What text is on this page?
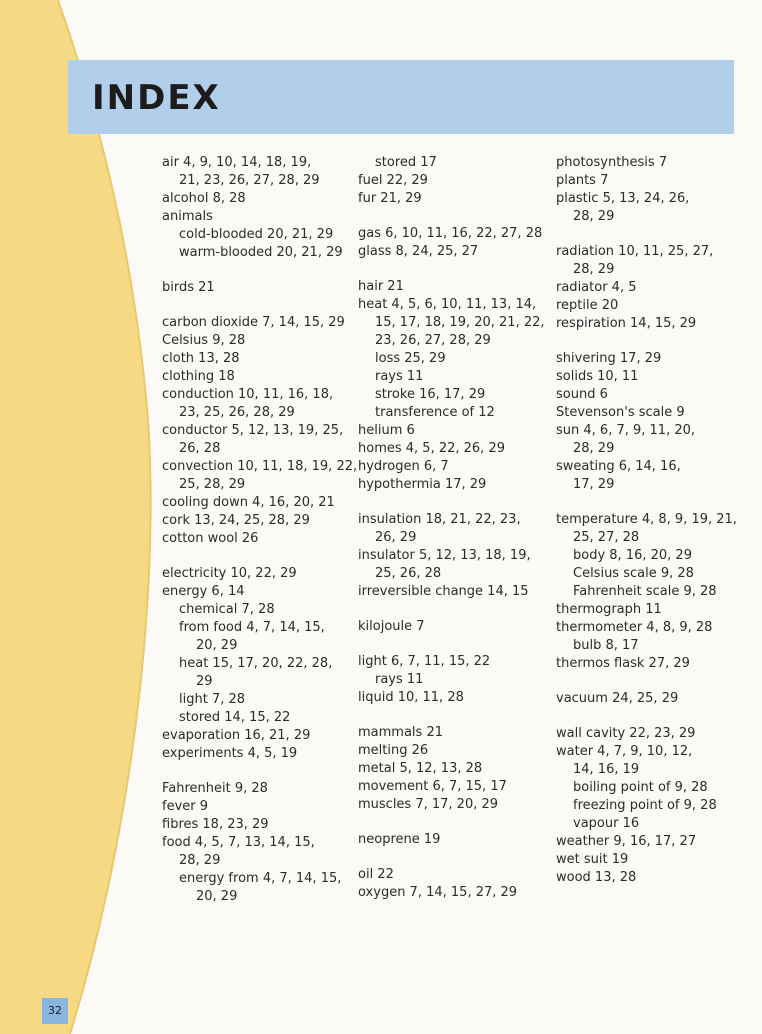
INDEX
air 4, 9, 10, 14, 18, 19,
21, 23, 26, 27, 28, 29
alcohol 8, 28
animals
cold-blooded 20, 21, 29
warm-blooded 20, 21, 29
birds 21
carbon dioxide 7, 14, 15, 29
Celsius 9, 28
cloth 13, 28
clothing 18
conduction 10, 11, 16, 18,
23, 25, 26, 28, 29
conductor 5, 12, 13, 19, 25,
26, 28
convection 10, 11, 18, 19, 22,
25, 28, 29
cooling down 4, 16, 20, 21
cork 13, 24, 25, 28, 29
cotton wool 26
electricity 10, 22, 29
energy 6, 14
chemical 7, 28
from food 4, 7, 14, 15,
20, 29
heat 15, 17, 20, 22, 28,
29
light 7, 28
stored 14, 15, 22
evaporation 16, 21, 29
experiments 4, 5, 19
Fahrenheit 9, 28
fever 9
fibres 18, 23, 29
food 4, 5, 7, 13, 14, 15,
28, 29
energy from 4, 7, 14, 15,
20, 29
stored 17
fuel 22, 29
fur 21, 29
gas 6, 10, 11, 16, 22, 27, 28
glass 8, 24, 25, 27
hair 21
heat 4, 5, 6, 10, 11, 13, 14,
15, 17, 18, 19, 20, 21, 22,
23, 26, 27, 28, 29
loss 25, 29
rays 11
stroke 16, 17, 29
transference of 12
helium 6
homes 4, 5, 22, 26, 29
hydrogen 6, 7
hypothermia 17, 29
insulation 18, 21, 22, 23,
26, 29
insulator 5, 12, 13, 18, 19,
25, 26, 28
irreversible change 14, 15
kilojoule 7
light 6, 7, 11, 15, 22
rays 11
liquid 10, 11, 28
mammals 21
melting 26
metal 5, 12, 13, 28
movement 6, 7, 15, 17
muscles 7, 17, 20, 29
neoprene 19
oil 22
oxygen 7, 14, 15, 27, 29
photosynthesis 7
plants 7
plastic 5, 13, 24, 26,
28, 29
radiation 10, 11, 25, 27,
28, 29
radiator 4, 5
reptile 20
respiration 14, 15, 29
shivering 17, 29
solids 10, 11
sound 6
Stevenson's scale 9
sun 4, 6, 7, 9, 11, 20,
28, 29
sweating 6, 14, 16,
17, 29
temperature 4, 8, 9, 19, 21,
25, 27, 28
body 8, 16, 20, 29
Celsius scale 9, 28
Fahrenheit scale 9, 28
thermograph 11
thermometer 4, 8, 9, 28
bulb 8, 17
thermos flask 27, 29
vacuum 24, 25, 29
wall cavity 22, 23, 29
water 4, 7, 9, 10, 12,
14, 16, 19
boiling point of 9, 28
freezing point of 9, 28
vapour 16
weather 9, 16, 17, 27
wet suit 19
wood 13, 28
32
